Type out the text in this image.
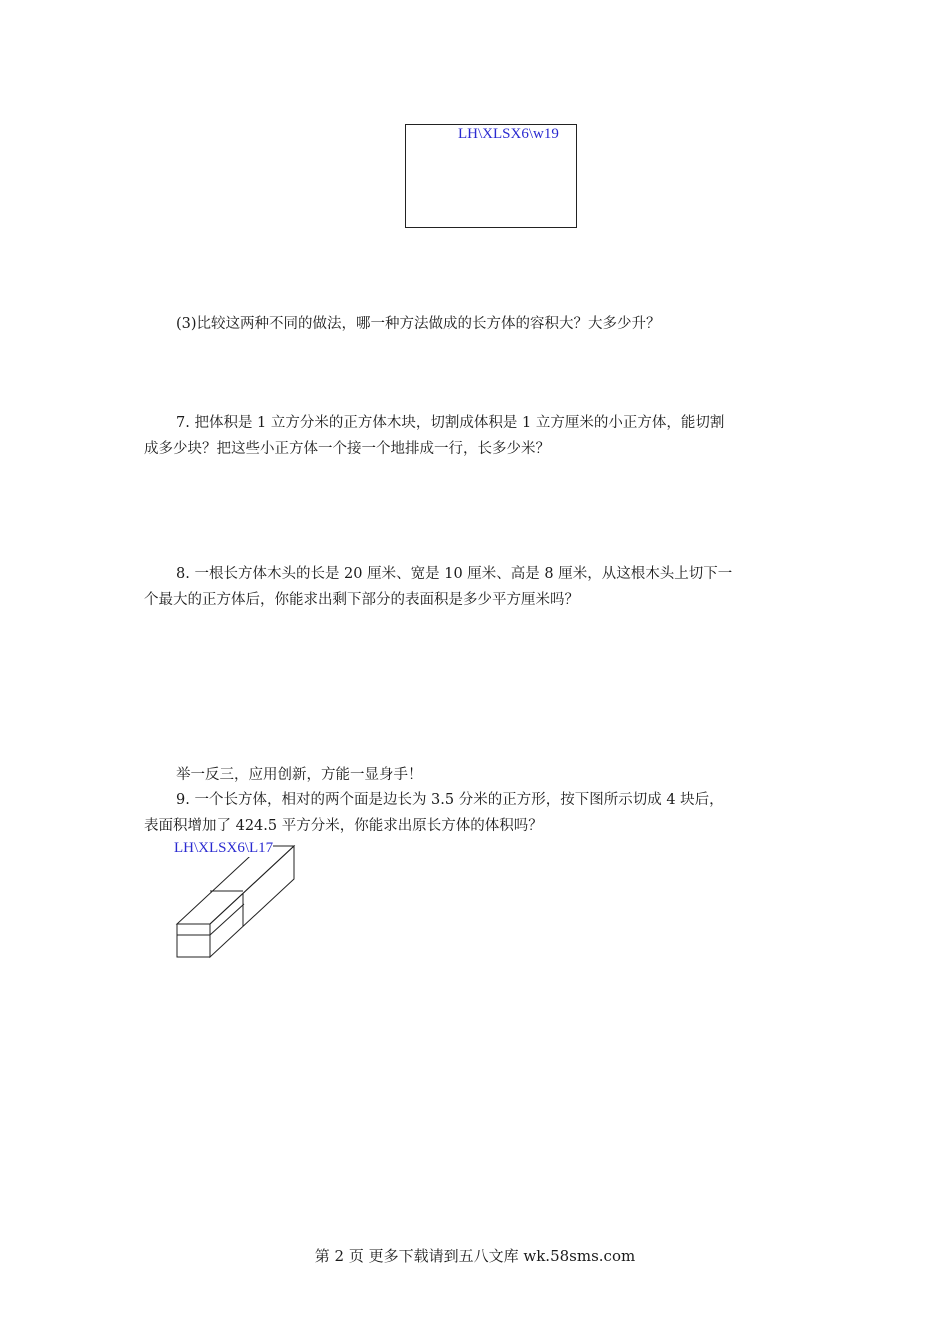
LH\XLSX6\w19

(3)比较这两种不同的做法，哪一种方法做成的长方体的容积大？大多少升？

7. 把体积是 1 立方分米的正方体木块，切割成体积是 1 立方厘米的小正方体，能切割

成多少块？把这些小正方体一个接一个地排成一行，长多少米？

8. 一根长方体木头的长是 20 厘米、宽是 10 厘米、高是 8 厘米，从这根木头上切下一

个最大的正方体后，你能求出剩下部分的表面积是多少平方厘米吗？

举一反三，应用创新，方能一显身手！

9. 一个长方体，相对的两个面是边长为 3.5 分米的正方形，按下图所示切成 4 块后，

表面积增加了 424.5 平方分米，你能求出原长方体的体积吗？

LH\XLSX6\L17
第 2 页 更多下载请到五八文库 wk.58sms.com
